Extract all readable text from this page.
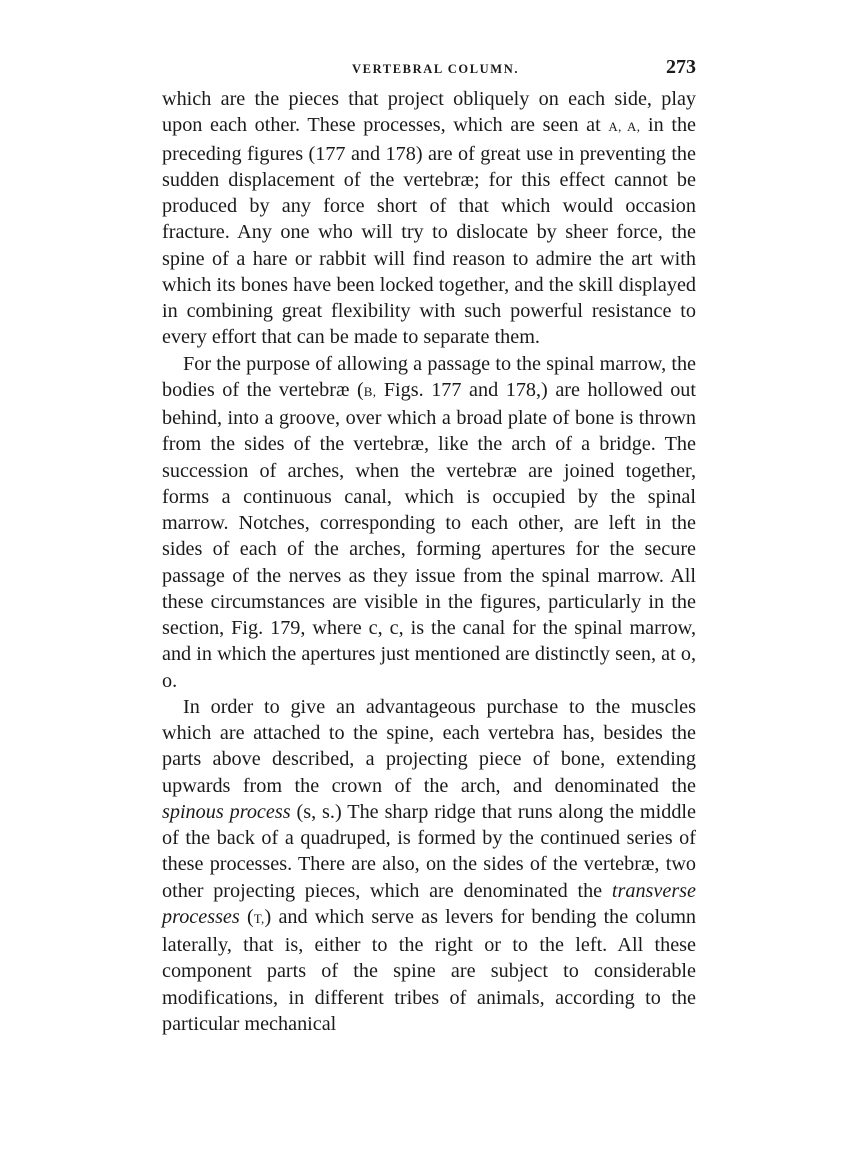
VERTEBRAL COLUMN.	273

which are the pieces that project obliquely on each side, play upon each other. These processes, which are seen at A, A, in the preceding figures (177 and 178) are of great use in preventing the sudden displacement of the vertebræ; for this effect cannot be produced by any force short of that which would occasion fracture. Any one who will try to dislocate by sheer force, the spine of a hare or rabbit will find reason to admire the art with which its bones have been locked together, and the skill displayed in combining great flexibility with such powerful resistance to every effort that can be made to separate them.

For the purpose of allowing a passage to the spinal marrow, the bodies of the vertebræ (B, Figs. 177 and 178,) are hollowed out behind, into a groove, over which a broad plate of bone is thrown from the sides of the vertebræ, like the arch of a bridge. The succession of arches, when the vertebræ are joined together, forms a continuous canal, which is occupied by the spinal marrow. Notches, corresponding to each other, are left in the sides of each of the arches, forming apertures for the secure passage of the nerves as they issue from the spinal marrow. All these circumstances are visible in the figures, particularly in the section, Fig. 179, where c, c, is the canal for the spinal marrow, and in which the apertures just mentioned are distinctly seen, at o, o.

In order to give an advantageous purchase to the muscles which are attached to the spine, each vertebra has, besides the parts above described, a projecting piece of bone, extending upwards from the crown of the arch, and denominated the spinous process (s, s.) The sharp ridge that runs along the middle of the back of a quadruped, is formed by the continued series of these processes. There are also, on the sides of the vertebræ, two other projecting pieces, which are denominated the transverse processes (T,) and which serve as levers for bending the column laterally, that is, either to the right or to the left. All these component parts of the spine are subject to considerable modifications, in different tribes of animals, according to the particular mechanical
